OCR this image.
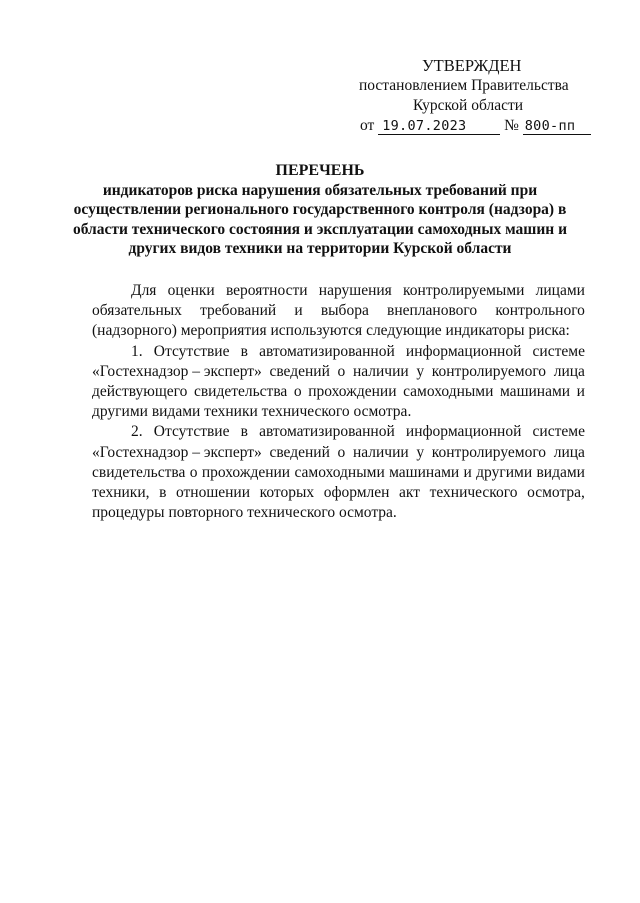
УТВЕРЖДЕН
постановлением Правительства
Курской области
от 19.07.2023 № 800-пп
ПЕРЕЧЕНЬ
индикаторов риска нарушения обязательных требований при
осуществлении регионального государственного контроля (надзора) в
области технического состояния и эксплуатации самоходных машин и
других видов техники на территории Курской области
Для оценки вероятности нарушения контролируемыми лицами
обязательных требований и выбора внепланового контрольного
(надзорного) мероприятия используются следующие индикаторы риска:
1. Отсутствие в автоматизированной информационной системе
«Гостехнадзор – эксперт» сведений о наличии у контролируемого лица
действующего свидетельства о прохождении самоходными машинами и
другими видами техники технического осмотра.
2. Отсутствие в автоматизированной информационной системе
«Гостехнадзор – эксперт» сведений о наличии у контролируемого лица
свидетельства о прохождении самоходными машинами и другими видами
техники, в отношении которых оформлен акт технического осмотра,
процедуры повторного технического осмотра.
